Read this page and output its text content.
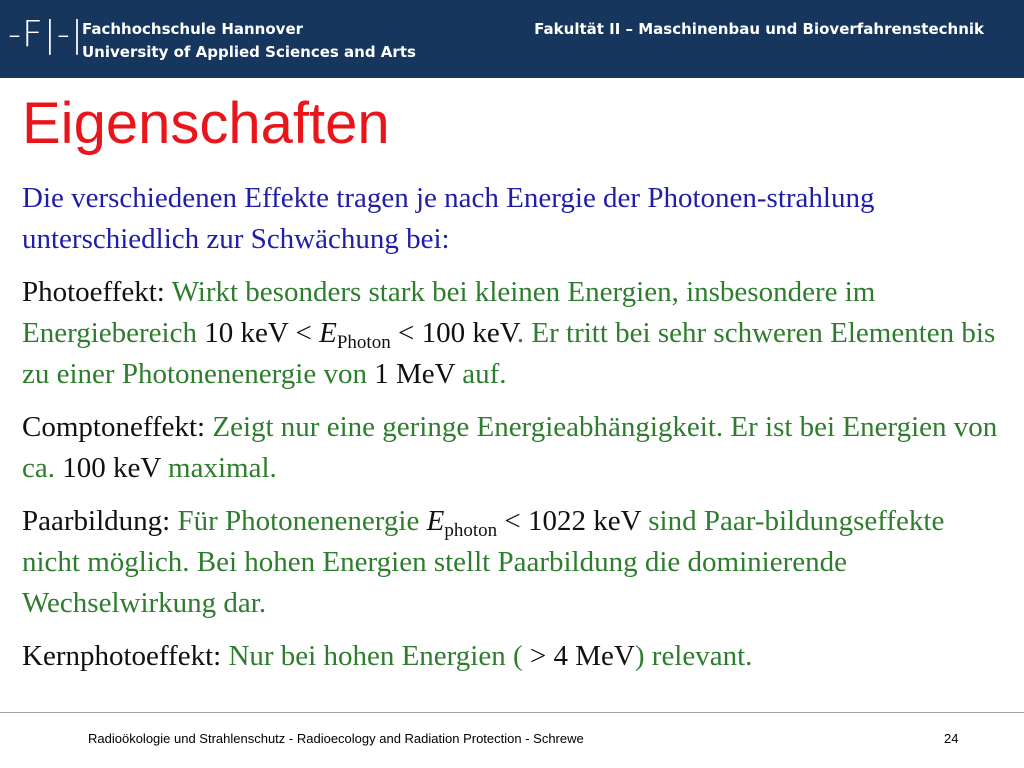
-F|-|
Fachhochschule Hannover
University of Applied Sciences and Arts
Fakultät II – Maschinenbau und Bioverfahrenstechnik
Eigenschaften

Die verschiedenen Effekte tragen je nach Energie der Photonen-strahlung unterschiedlich zur Schwächung bei:

Photoeffekt: Wirkt besonders stark bei kleinen Energien, insbesondere im Energiebereich 10 keV < $E_{Photon} < 100$ keV. Er tritt bei sehr schweren Elementen bis zu einer Photonenenergie von 1 MeV auf.

Comptoneffekt: Zeigt nur eine geringe Energieabhängigkeit. Er ist bei Energien von ca. 100 keV maximal.

Paarbildung: Für Photonenenergie $E_{photon} < 1022$ keV sind Paar-bildungseffekte nicht möglich. Bei hohen Energien stellt Paarbildung die dominierende Wechselwirkung dar.

Kernphotoeffekt: Nur bei hohen Energien ( > 4 MeV) relevant.

Radioökologie und Strahlenschutz - Radioecology and Radiation Protection - Schrewe	24
